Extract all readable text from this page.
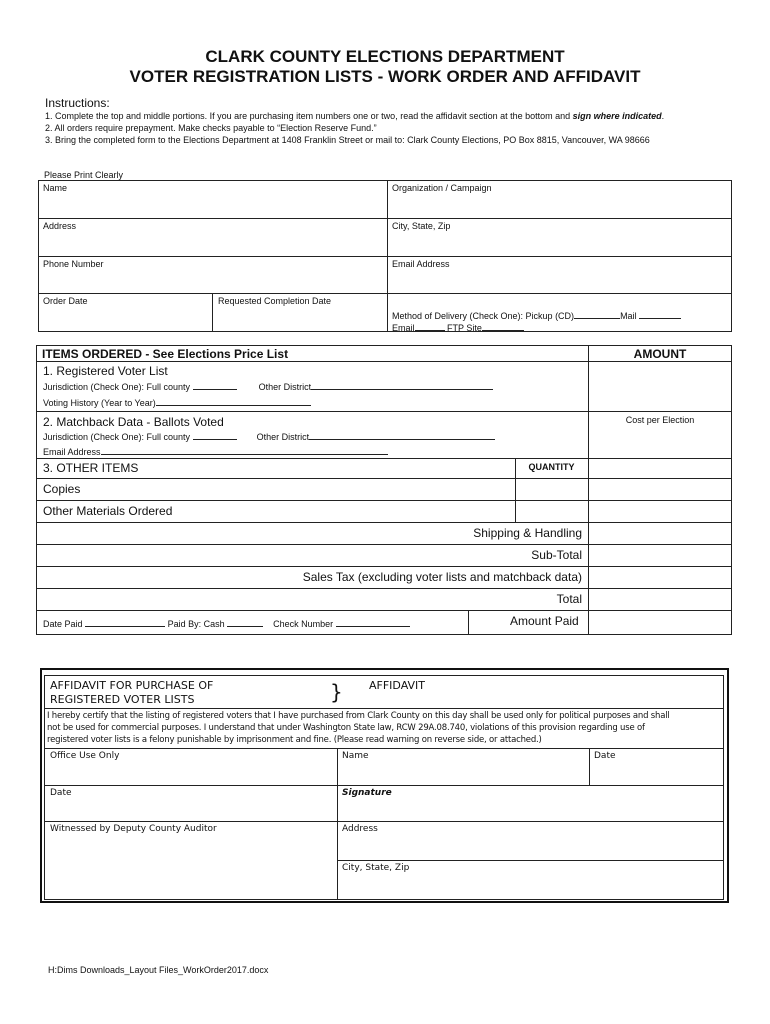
CLARK COUNTY ELECTIONS DEPARTMENT
VOTER REGISTRATION LISTS - WORK ORDER AND AFFIDAVIT
Instructions:
1. Complete the top and middle portions. If you are purchasing item numbers one or two, read the affidavit section at the bottom and sign where indicated.
2. All orders require prepayment. Make checks payable to “Election Reserve Fund.”
3. Bring the completed form to the Elections Department at 1408 Franklin Street or mail to: Clark County Elections, PO Box 8815, Vancouver, WA 98666
Please Print Clearly
Name	Organization / Campaign
Address	City, State, Zip
Phone Number	Email Address
Order Date	Requested Completion Date
Method of Delivery (Check One): Pickup (CD)	Mail
Email	FTP Site
ITEMS ORDERED - See Elections Price List	AMOUNT
1. Registered Voter List
Jurisdiction (Check One): Full county	Other District
Voting History (Year to Year)
2. Matchback Data - Ballots Voted
Jurisdiction (Check One): Full county	Other District
Email Address
Cost per Election
3. OTHER ITEMS	QUANTITY
Copies
Other Materials Ordered
Shipping & Handling
Sub-Total
Sales Tax (excluding voter lists and matchback data)
Total
Date Paid	Paid By: Cash	Check Number	Amount Paid
AFFIDAVIT FOR PURCHASE OF
REGISTERED VOTER LISTS	} AFFIDAVIT
I hereby certify that the listing of registered voters that I have purchased from Clark County on this day shall be used only for political purposes and shall
not be used for commercial purposes. I understand that under Washington State law, RCW 29A.08.740, violations of this provision regarding use of
registered voter lists is a felony punishable by imprisonment and fine. (Please read warning on reverse side, or attached.)
Office Use Only	Name	Date
Date	Signature
Witnessed by Deputy County Auditor	Address
City, State, Zip
H:Dims Downloads_Layout Files_WorkOrder2017.docx
